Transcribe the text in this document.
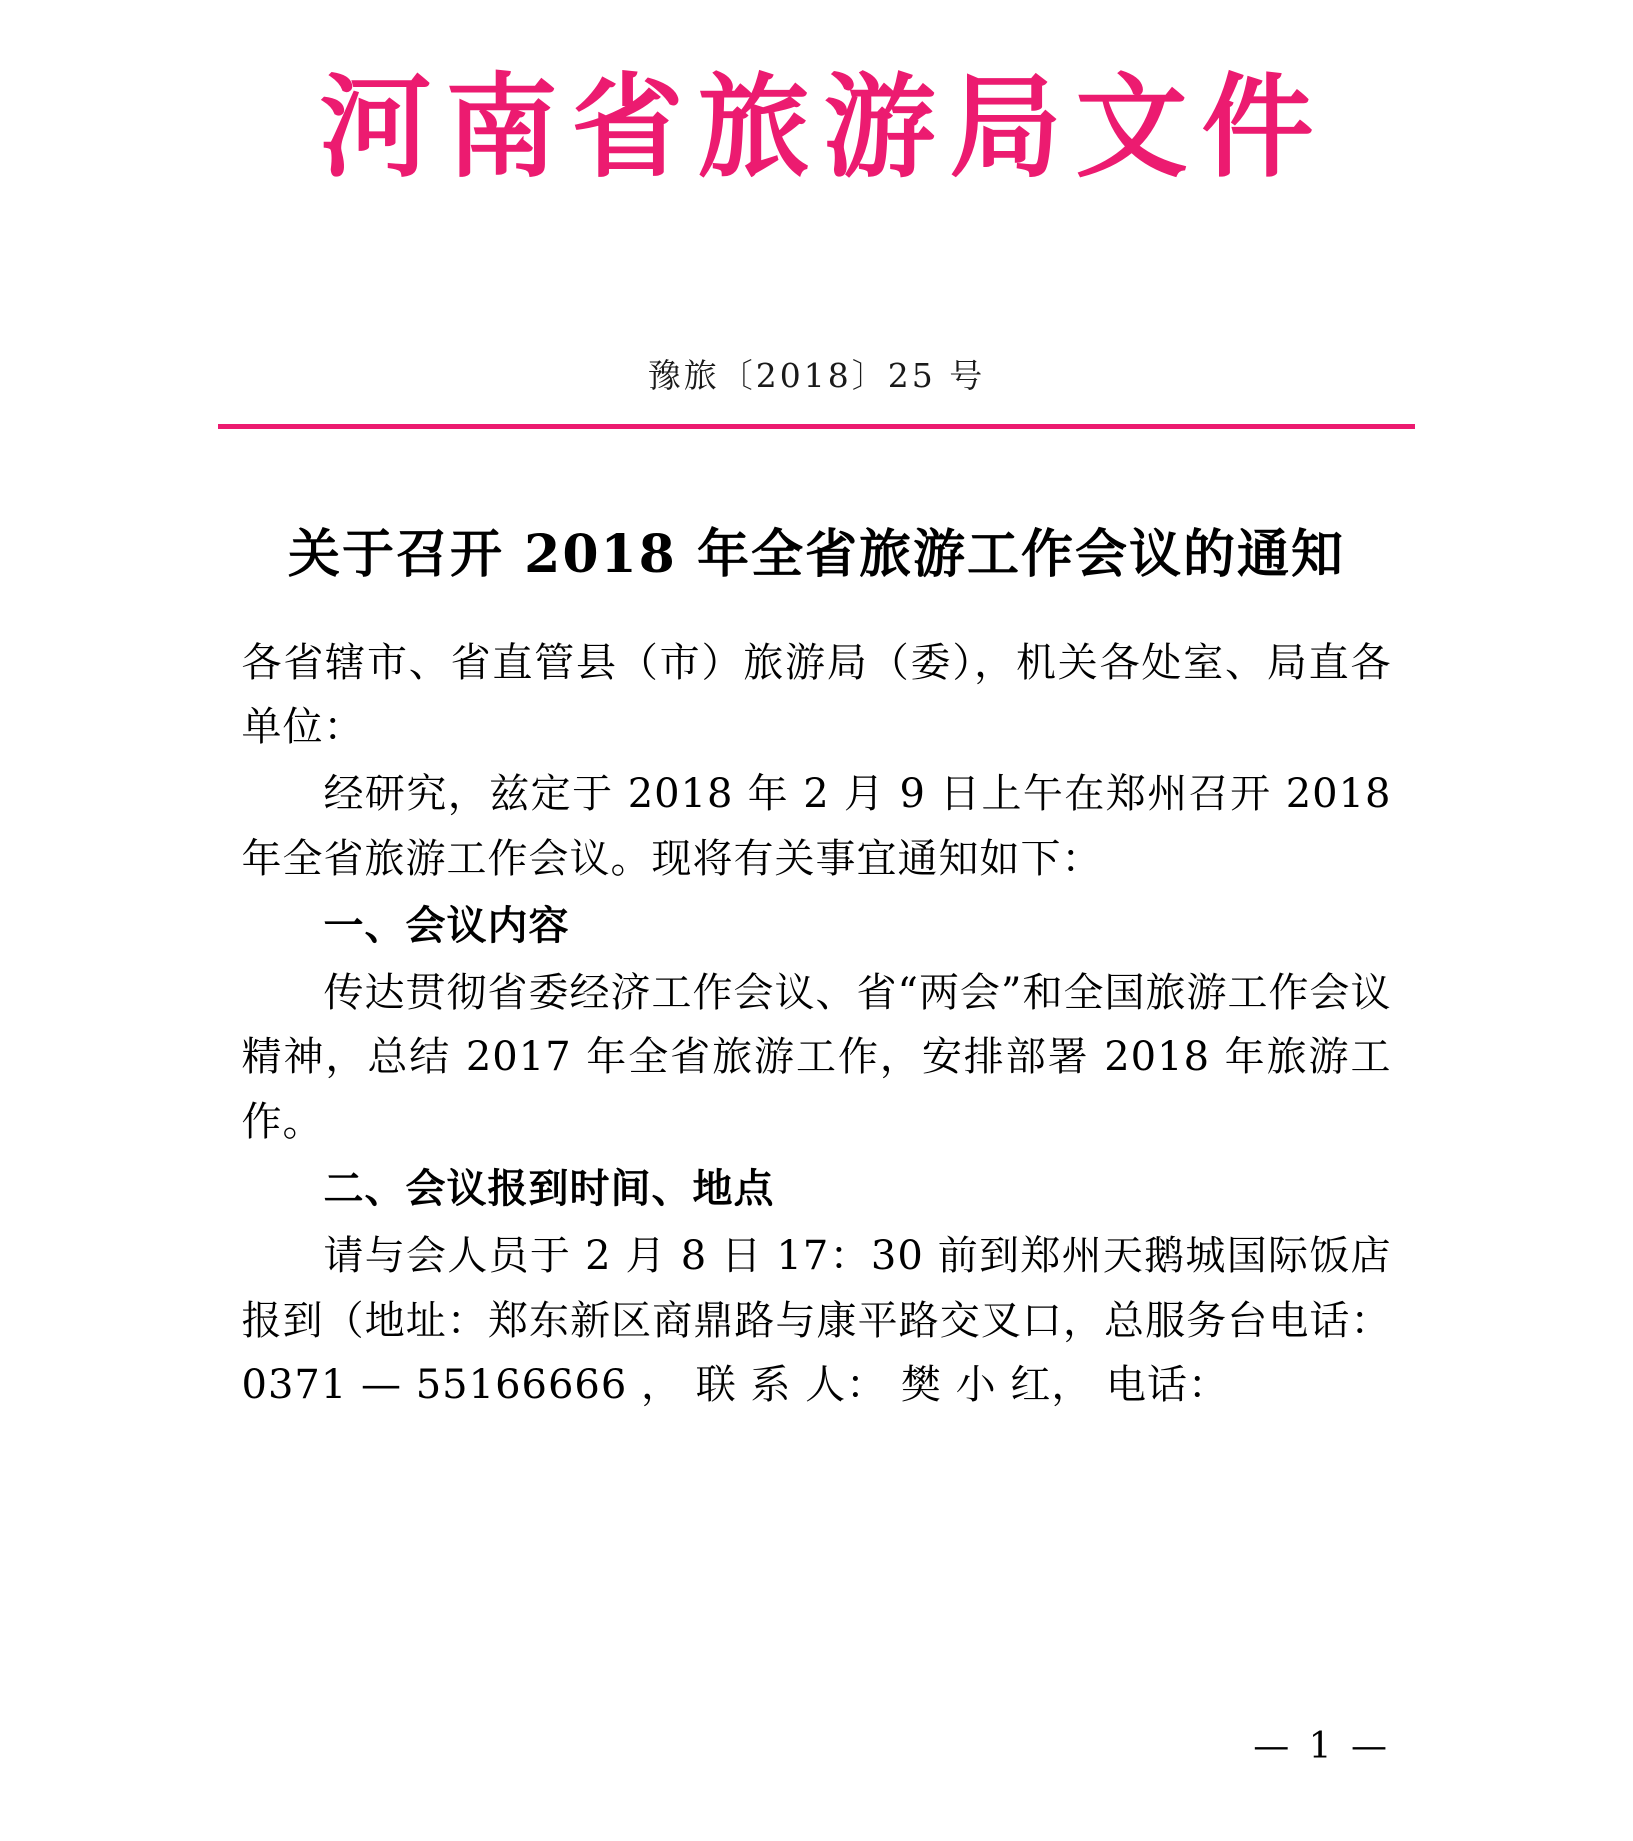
河南省旅游局文件
豫旅〔2018〕25 号
关于召开 2018 年全省旅游工作会议的通知

各省辖市、省直管县（市）旅游局（委），机关各处室、局直各单位：

经研究，兹定于 2018 年 2 月 9 日上午在郑州召开 2018 年全省旅游工作会议。现将有关事宜通知如下：

一、会议内容

传达贯彻省委经济工作会议、省“两会”和全国旅游工作会议精神，总结 2017 年全省旅游工作，安排部署 2018 年旅游工作。

二、会议报到时间、地点

请与会人员于 2 月 8 日 17：30 前到郑州天鹅城国际饭店报到（地址：郑东新区商鼎路与康平路交叉口，总服务台电话： 0371 — 55166666 ， 联 系 人： 樊 小 红， 电话：

— 1 —
